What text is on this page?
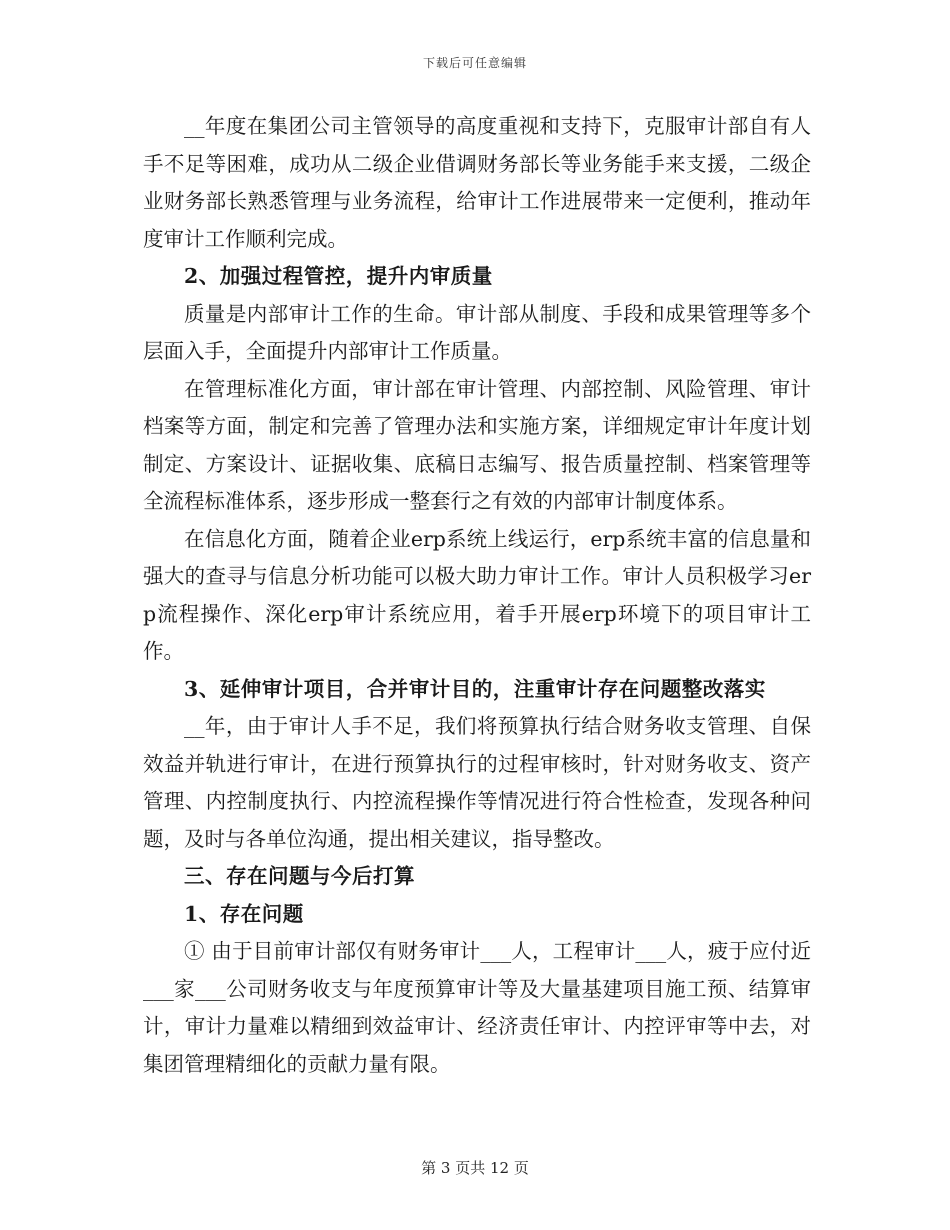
下载后可任意编辑

__年度在集团公司主管领导的高度重视和支持下，克服审计部自有人手不足等困难，成功从二级企业借调财务部长等业务能手来支援，二级企业财务部长熟悉管理与业务流程，给审计工作进展带来一定便利，推动年度审计工作顺利完成。

2、加强过程管控，提升内审质量

质量是内部审计工作的生命。审计部从制度、手段和成果管理等多个层面入手，全面提升内部审计工作质量。

在管理标准化方面，审计部在审计管理、内部控制、风险管理、审计档案等方面，制定和完善了管理办法和实施方案，详细规定审计年度计划制定、方案设计、证据收集、底稿日志编写、报告质量控制、档案管理等全流程标准体系，逐步形成一整套行之有效的内部审计制度体系。

在信息化方面，随着企业erp系统上线运行，erp系统丰富的信息量和强大的查寻与信息分析功能可以极大助力审计工作。审计人员积极学习erp流程操作、深化erp审计系统应用，着手开展erp环境下的项目审计工作。

3、延伸审计项目，合并审计目的，注重审计存在问题整改落实

__年，由于审计人手不足，我们将预算执行结合财务收支管理、自保效益并轨进行审计，在进行预算执行的过程审核时，针对财务收支、资产管理、内控制度执行、内控流程操作等情况进行符合性检查，发现各种问题，及时与各单位沟通，提出相关建议，指导整改。

三、存在问题与今后打算

1、存在问题

① 由于目前审计部仅有财务审计___人，工程审计___人，疲于应付近___家___公司财务收支与年度预算审计等及大量基建项目施工预、结算审计，审计力量难以精细到效益审计、经济责任审计、内控评审等中去，对集团管理精细化的贡献力量有限。

第 3 页共 12 页
